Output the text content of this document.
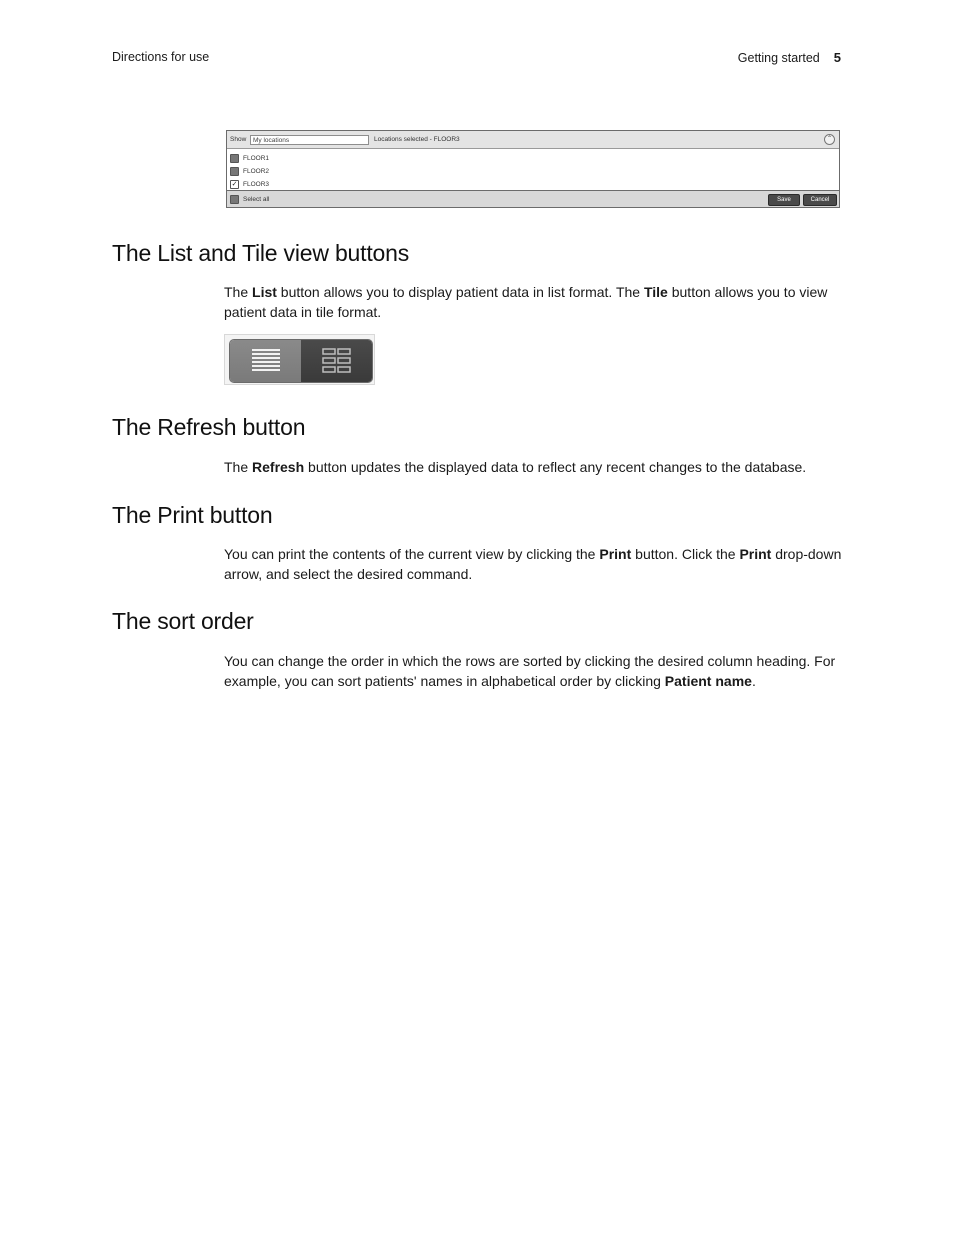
Directions for use	Getting started 5
Show	My locations	Locations selected - FLOOR3	⌃
FLOOR1
FLOOR2
✓ FLOOR3
Select all	Save	Cancel
The List and Tile view buttons

The List button allows you to display patient data in list format. The Tile button allows you to view patient data in tile format.

The Refresh button

The Refresh button updates the displayed data to reflect any recent changes to the database.

The Print button

You can print the contents of the current view by clicking the Print button. Click the Print drop-down arrow, and select the desired command.

The sort order

You can change the order in which the rows are sorted by clicking the desired column heading. For example, you can sort patients' names in alphabetical order by clicking Patient name.
